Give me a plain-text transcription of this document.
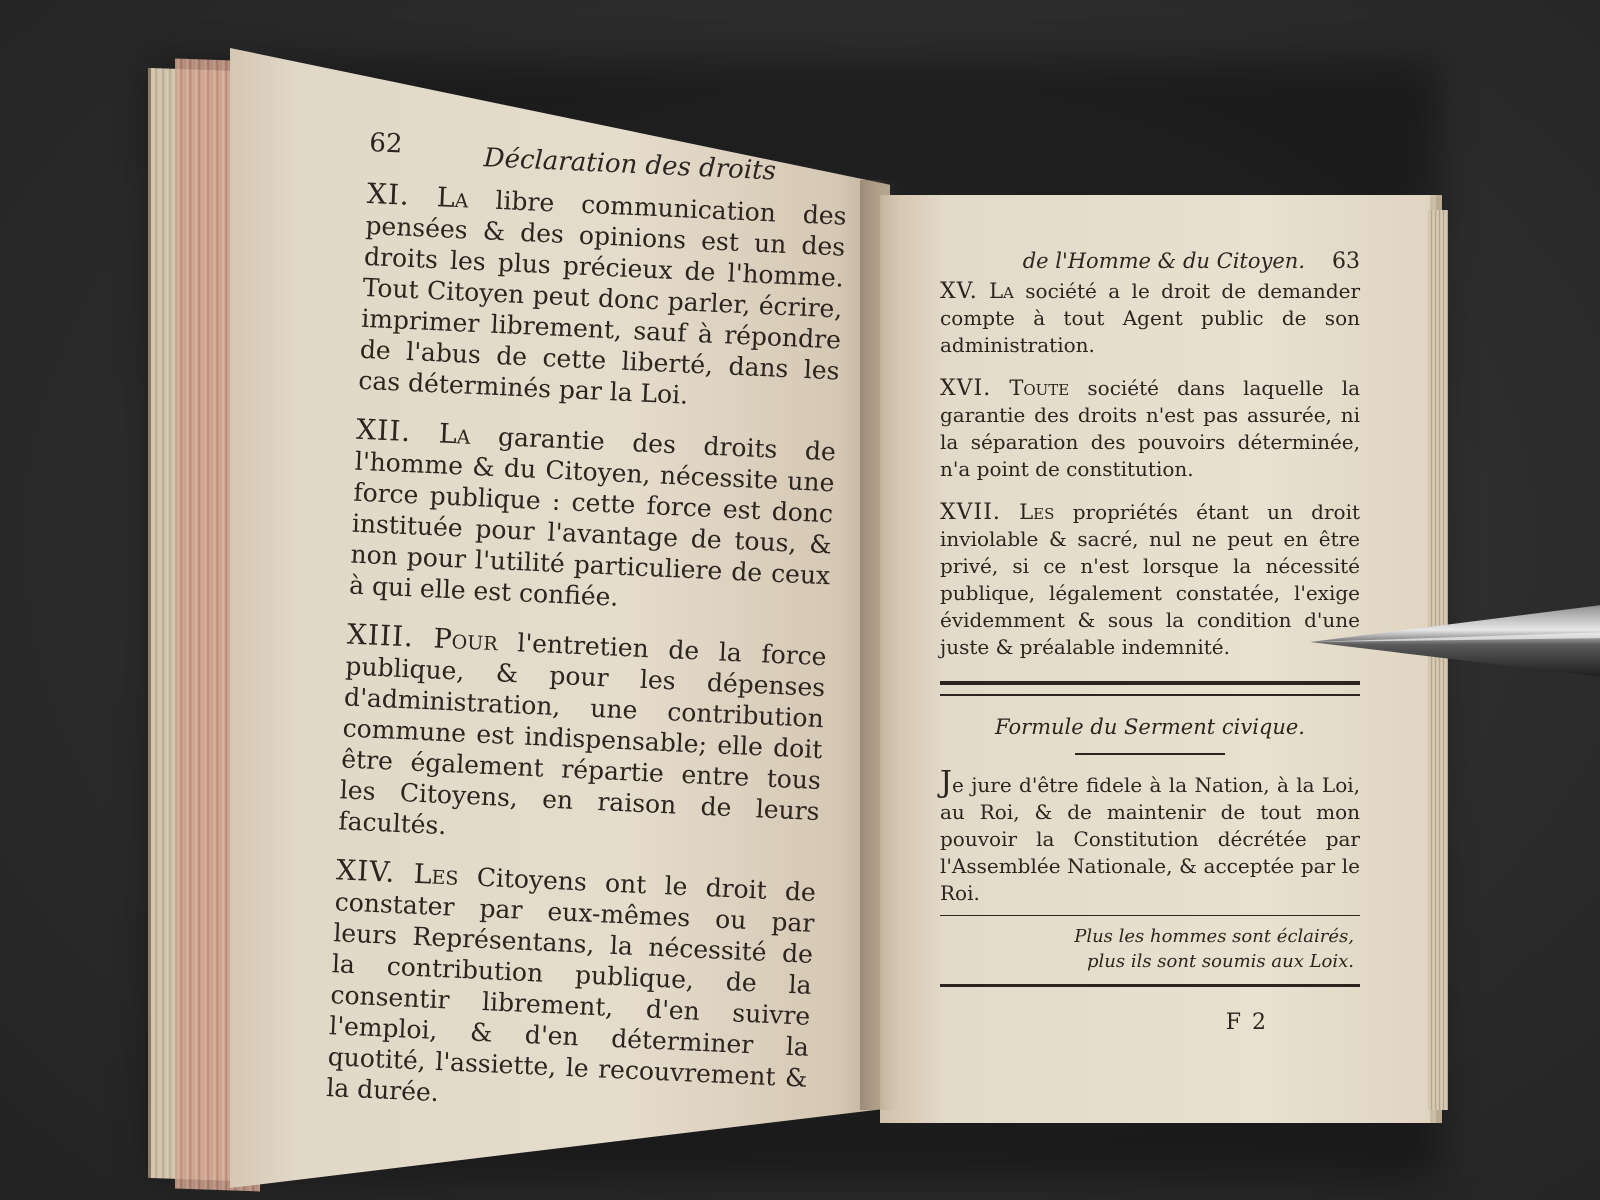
62	Déclaration des droits

XI. La libre communication des pensées & des opinions est un des droits les plus précieux de l'homme. Tout Citoyen peut donc parler, écrire, imprimer librement, sauf à répondre de l'abus de cette liberté, dans les cas déterminés par la Loi.

XII. La garantie des droits de l'homme & du Citoyen, nécessite une force publique : cette force est donc instituée pour l'avantage de tous, & non pour l'utilité particuliere de ceux à qui elle est confiée.

XIII. Pour l'entretien de la force publique, & pour les dépenses d'administration, une contribution commune est indispensable; elle doit être également répartie entre tous les Citoyens, en raison de leurs facultés.

XIV. Les Citoyens ont le droit de constater par eux-mêmes ou par leurs Représentans, la nécessité de la contribution publique, de la consentir librement, d'en suivre l'emploi, & d'en déterminer la quotité, l'assiette, le recouvrement & la durée.

de l'Homme & du Citoyen. 63

XV. La société a le droit de demander compte à tout Agent public de son administration.

XVI. Toute société dans laquelle la garantie des droits n'est pas assurée, ni la séparation des pouvoirs déterminée, n'a point de constitution.

XVII. Les propriétés étant un droit inviolable & sacré, nul ne peut en être privé, si ce n'est lorsque la nécessité publique, légalement constatée, l'exige évidemment & sous la condition d'une juste & préalable indemnité.

Formule du Serment civique.

Je jure d'être fidele à la Nation, à la Loi, au Roi, & de maintenir de tout mon pouvoir la Constitution décrétée par l'Assemblée Nationale, & acceptée par le Roi.

Plus les hommes sont éclairés,
plus ils sont soumis aux Loix.
F 2
